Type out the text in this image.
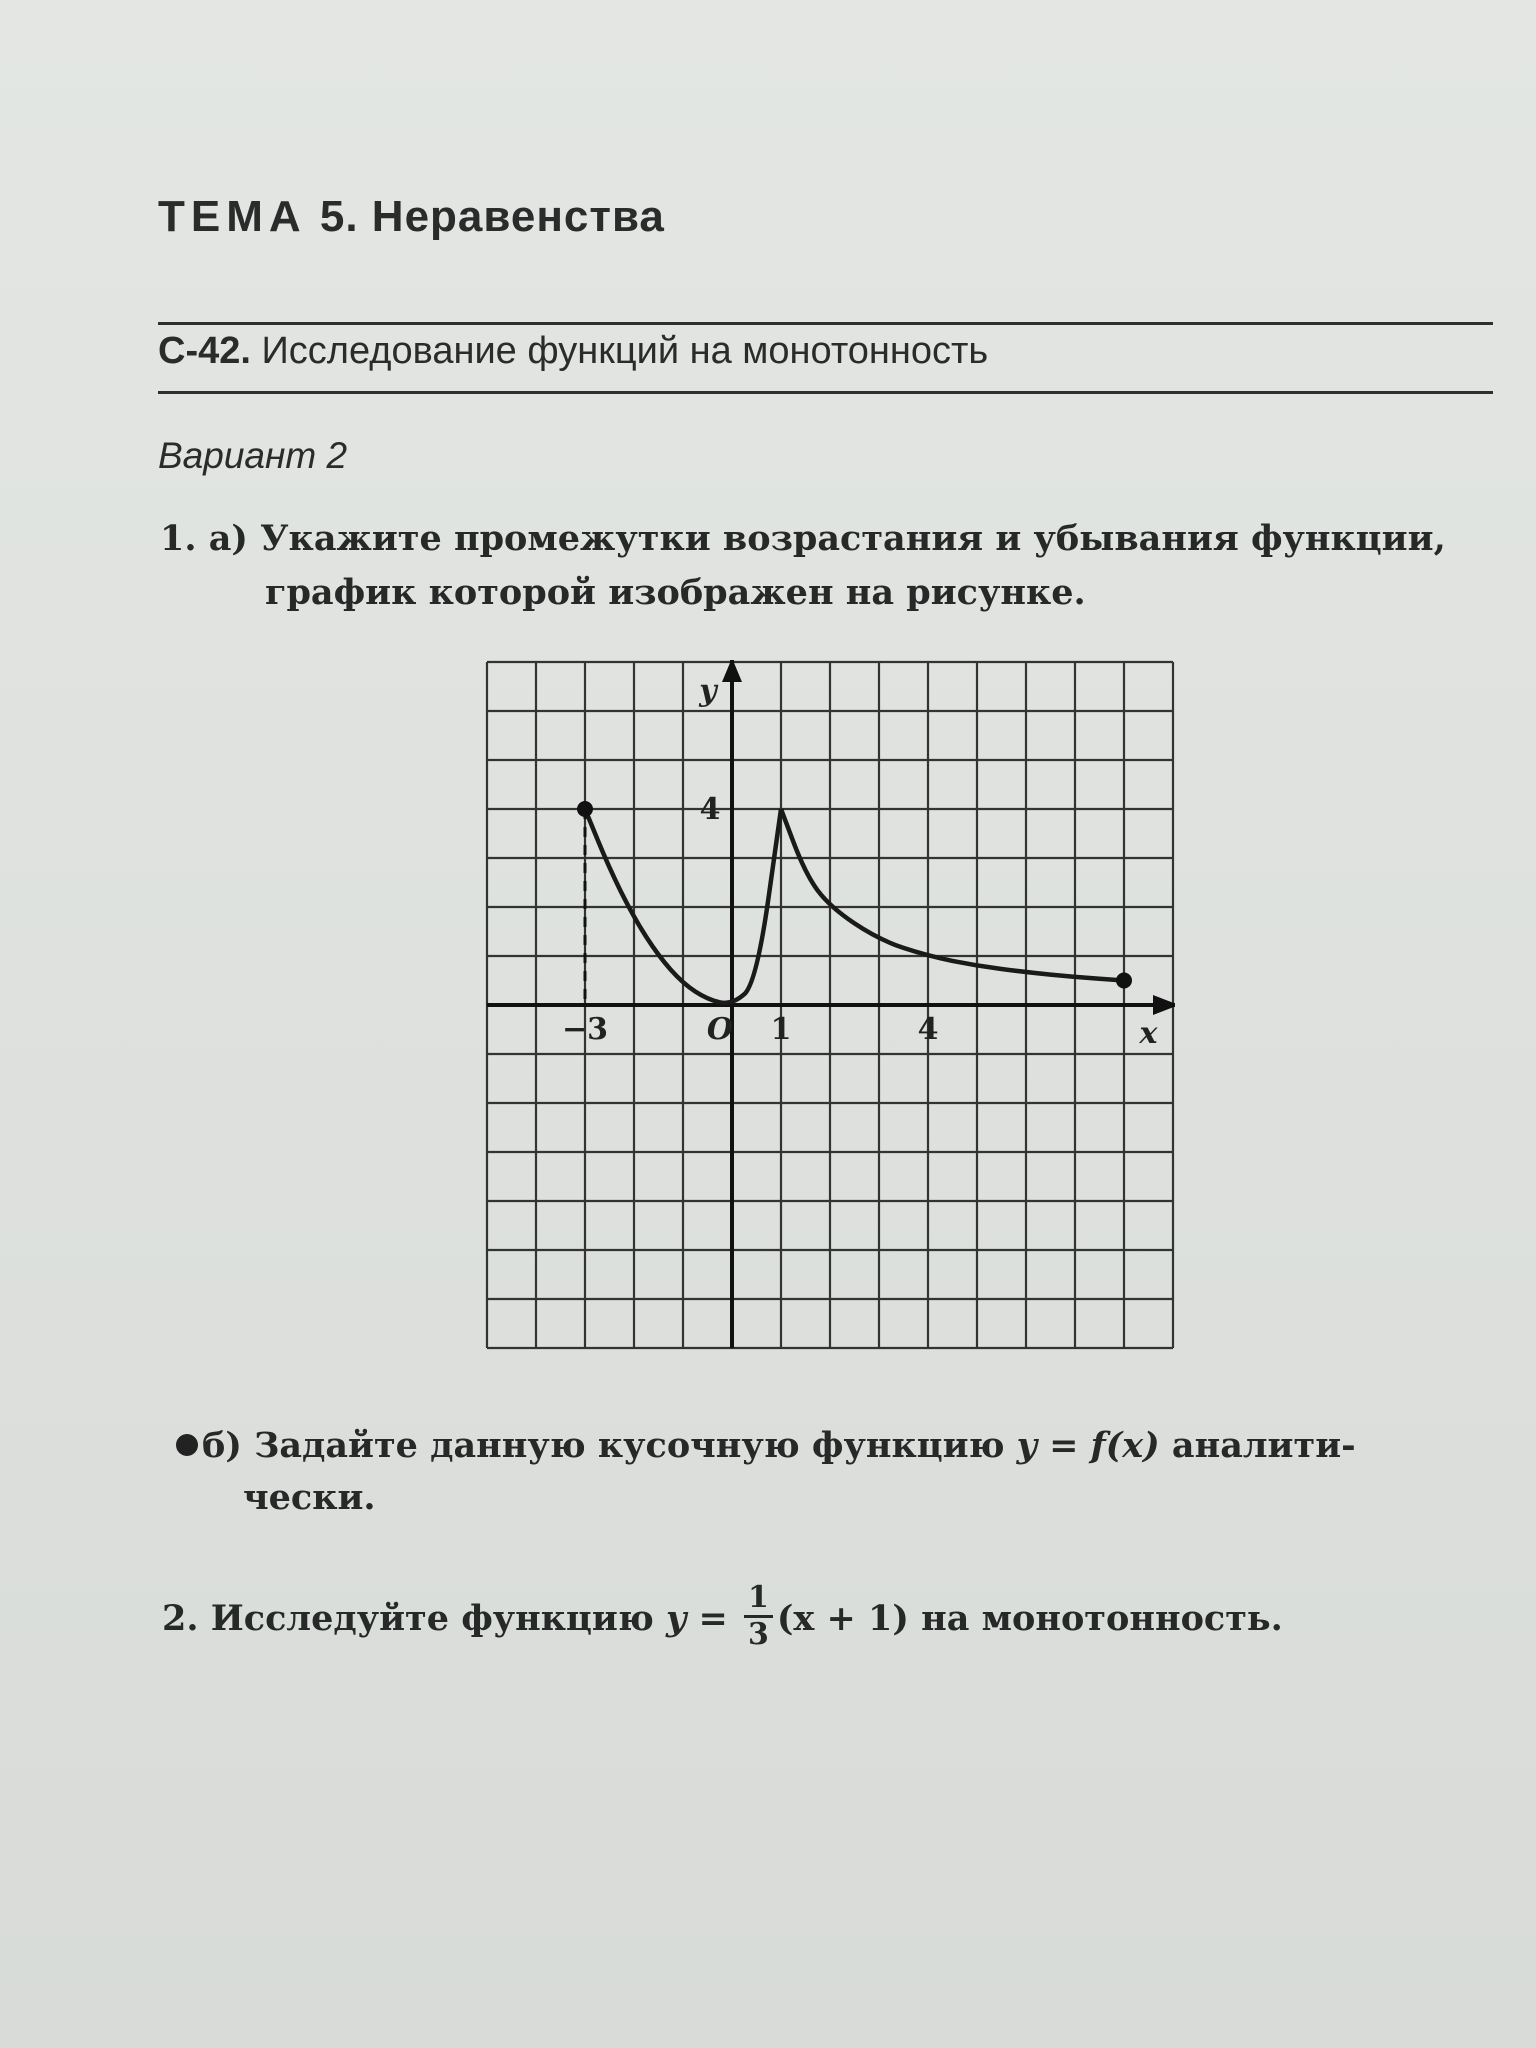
ТЕМА 5. Неравенства
С-42. Исследование функций на монотонность
Вариант 2
1. а) Укажите промежутки возрастания и убывания функции,
график которой изображен на рисунке.
−3	O 1	4
4
x
y
б) Задайте данную кусочную функцию y = f(x) аналити-
чески.
2. Исследуйте функцию $y = \frac{1}{3} (x + 1)$ на монотонность.
